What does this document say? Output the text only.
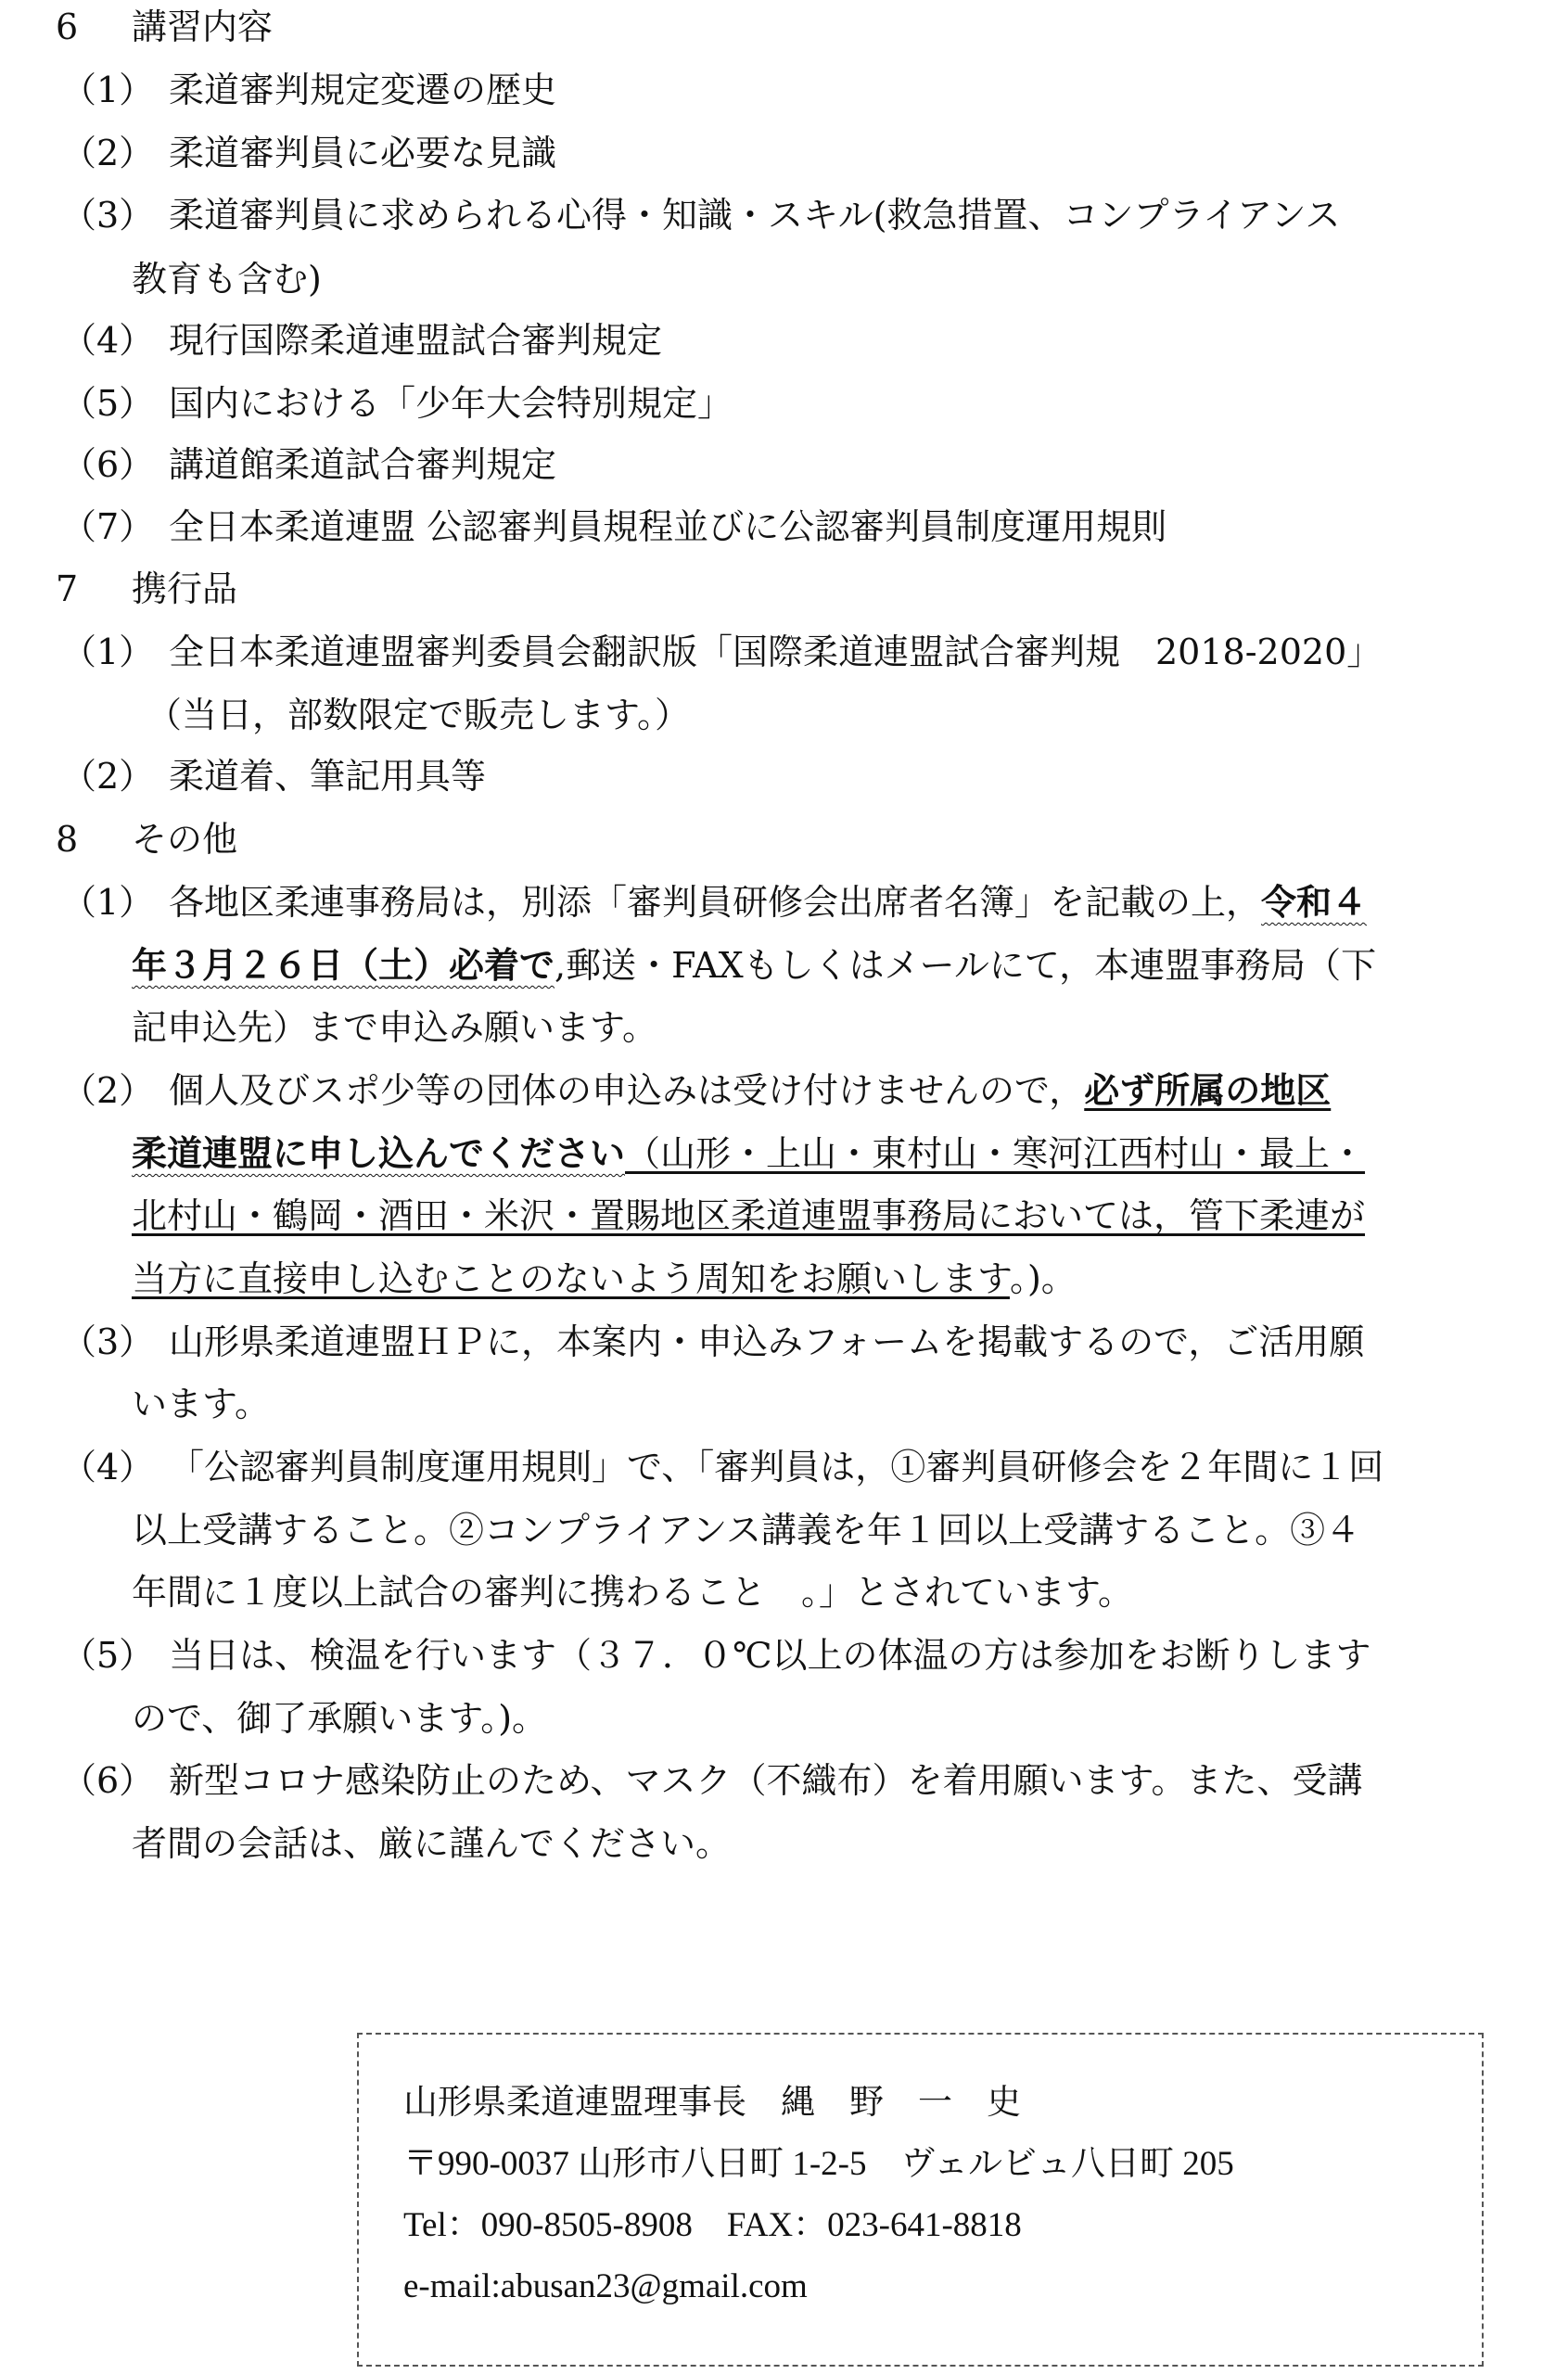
6 講習内容
（1） 柔道審判規定変遷の歴史
（2） 柔道審判員に必要な見識
（3） 柔道審判員に求められる心得・知識・スキル(救急措置、コンプライアンス
教育も含む)
（4） 現行国際柔道連盟試合審判規定
（5） 国内における「少年大会特別規定」
（6） 講道館柔道試合審判規定
（7） 全日本柔道連盟 公認審判員規程並びに公認審判員制度運用規則
7 携行品
（1） 全日本柔道連盟審判委員会翻訳版「国際柔道連盟試合審判規　2018-2020」
（当日，部数限定で販売します。）
（2） 柔道着、筆記用具等
8 その他
（1） 各地区柔連事務局は，別添「審判員研修会出席者名簿」を記載の上，令和４
年３月２６日（土）必着で,郵送・FAXもしくはメールにて，本連盟事務局（下
記申込先）まで申込み願います。
（2） 個人及びスポ少等の団体の申込みは受け付けませんので，必ず所属の地区
柔道連盟に申し込んでください（山形・上山・東村山・寒河江西村山・最上・
北村山・鶴岡・酒田・米沢・置賜地区柔道連盟事務局においては，管下柔連が
当方に直接申し込むことのないよう周知をお願いします。)。
（3） 山形県柔道連盟ＨＰに，本案内・申込みフォームを掲載するので，ご活用願
います。
（4） 「公認審判員制度運用規則」で、「審判員は，①審判員研修会を２年間に１回
以上受講すること。②コンプライアンス講義を年１回以上受講すること。③４
年間に１度以上試合の審判に携わること　。」とされています。
（5） 当日は、検温を行います（３７．０℃以上の体温の方は参加をお断りします
ので、御了承願います。)。
（6） 新型コロナ感染防止のため、マスク（不織布）を着用願います。また、受講
者間の会話は、厳に謹んでください。
山形県柔道連盟理事長　縄　野　一　史
〒990-0037 山形市八日町 1-2-5　ヴェルビュ八日町 205
Tel：090-8505-8908　FAX：023-641-8818
e-mail:abusan23@gmail.com
